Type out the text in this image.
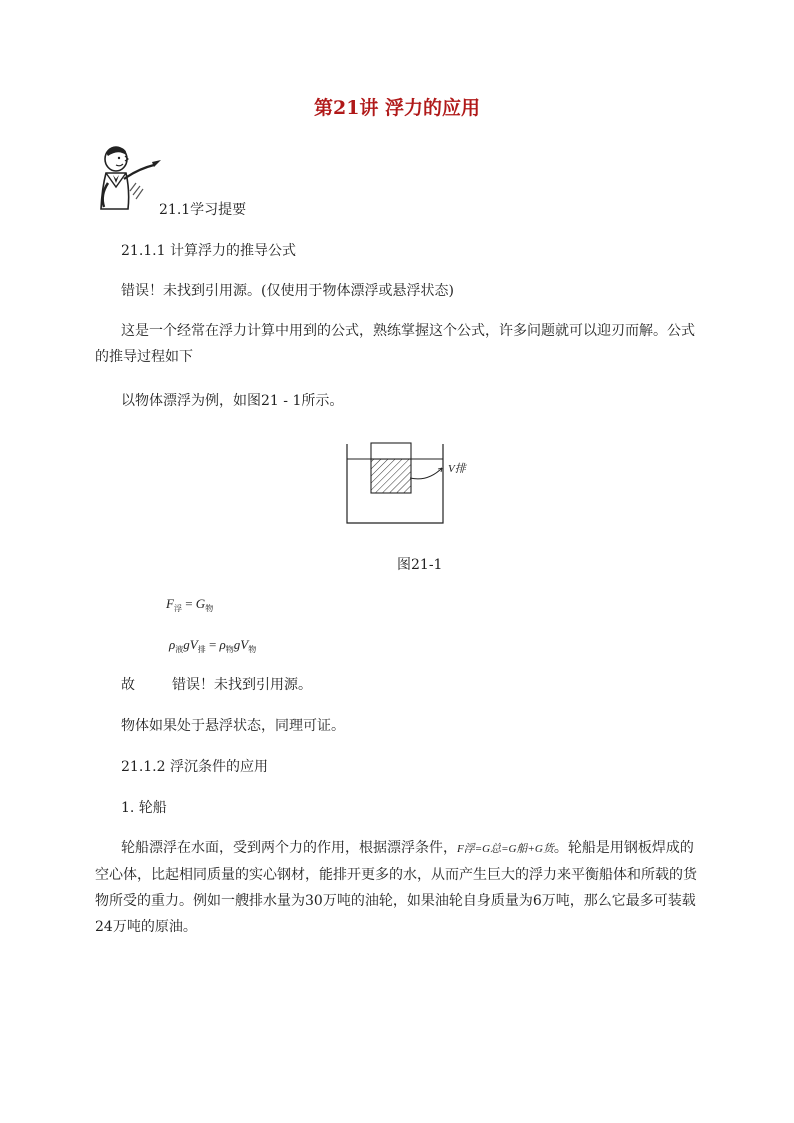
第21讲 浮力的应用
21.1学习提要
21.1.1 计算浮力的推导公式
错误！未找到引用源。(仅使用于物体漂浮或悬浮状态)
这是一个经常在浮力计算中用到的公式，熟练掌握这个公式，许多问题就可以迎刃而解。公式的推导过程如下
以物体漂浮为例，如图21 - 1所示。
V排
图21-1
$F_浮 = G_物$
$\rho_液gV_排 = \rho_物gV_物$
故	错误！未找到引用源。
物体如果处于悬浮状态，同理可证。
21.1.2 浮沉条件的应用
1. 轮船
轮船漂浮在水面，受到两个力的作用，根据漂浮条件，F浮=G总=G船+G货。轮船是用钢板焊成的空心体，比起相同质量的实心钢材，能排开更多的水，从而产生巨大的浮力来平衡船体和所载的货物所受的重力。例如一艘排水量为30万吨的油轮，如果油轮自身质量为6万吨，那么它最多可装载24万吨的原油。
